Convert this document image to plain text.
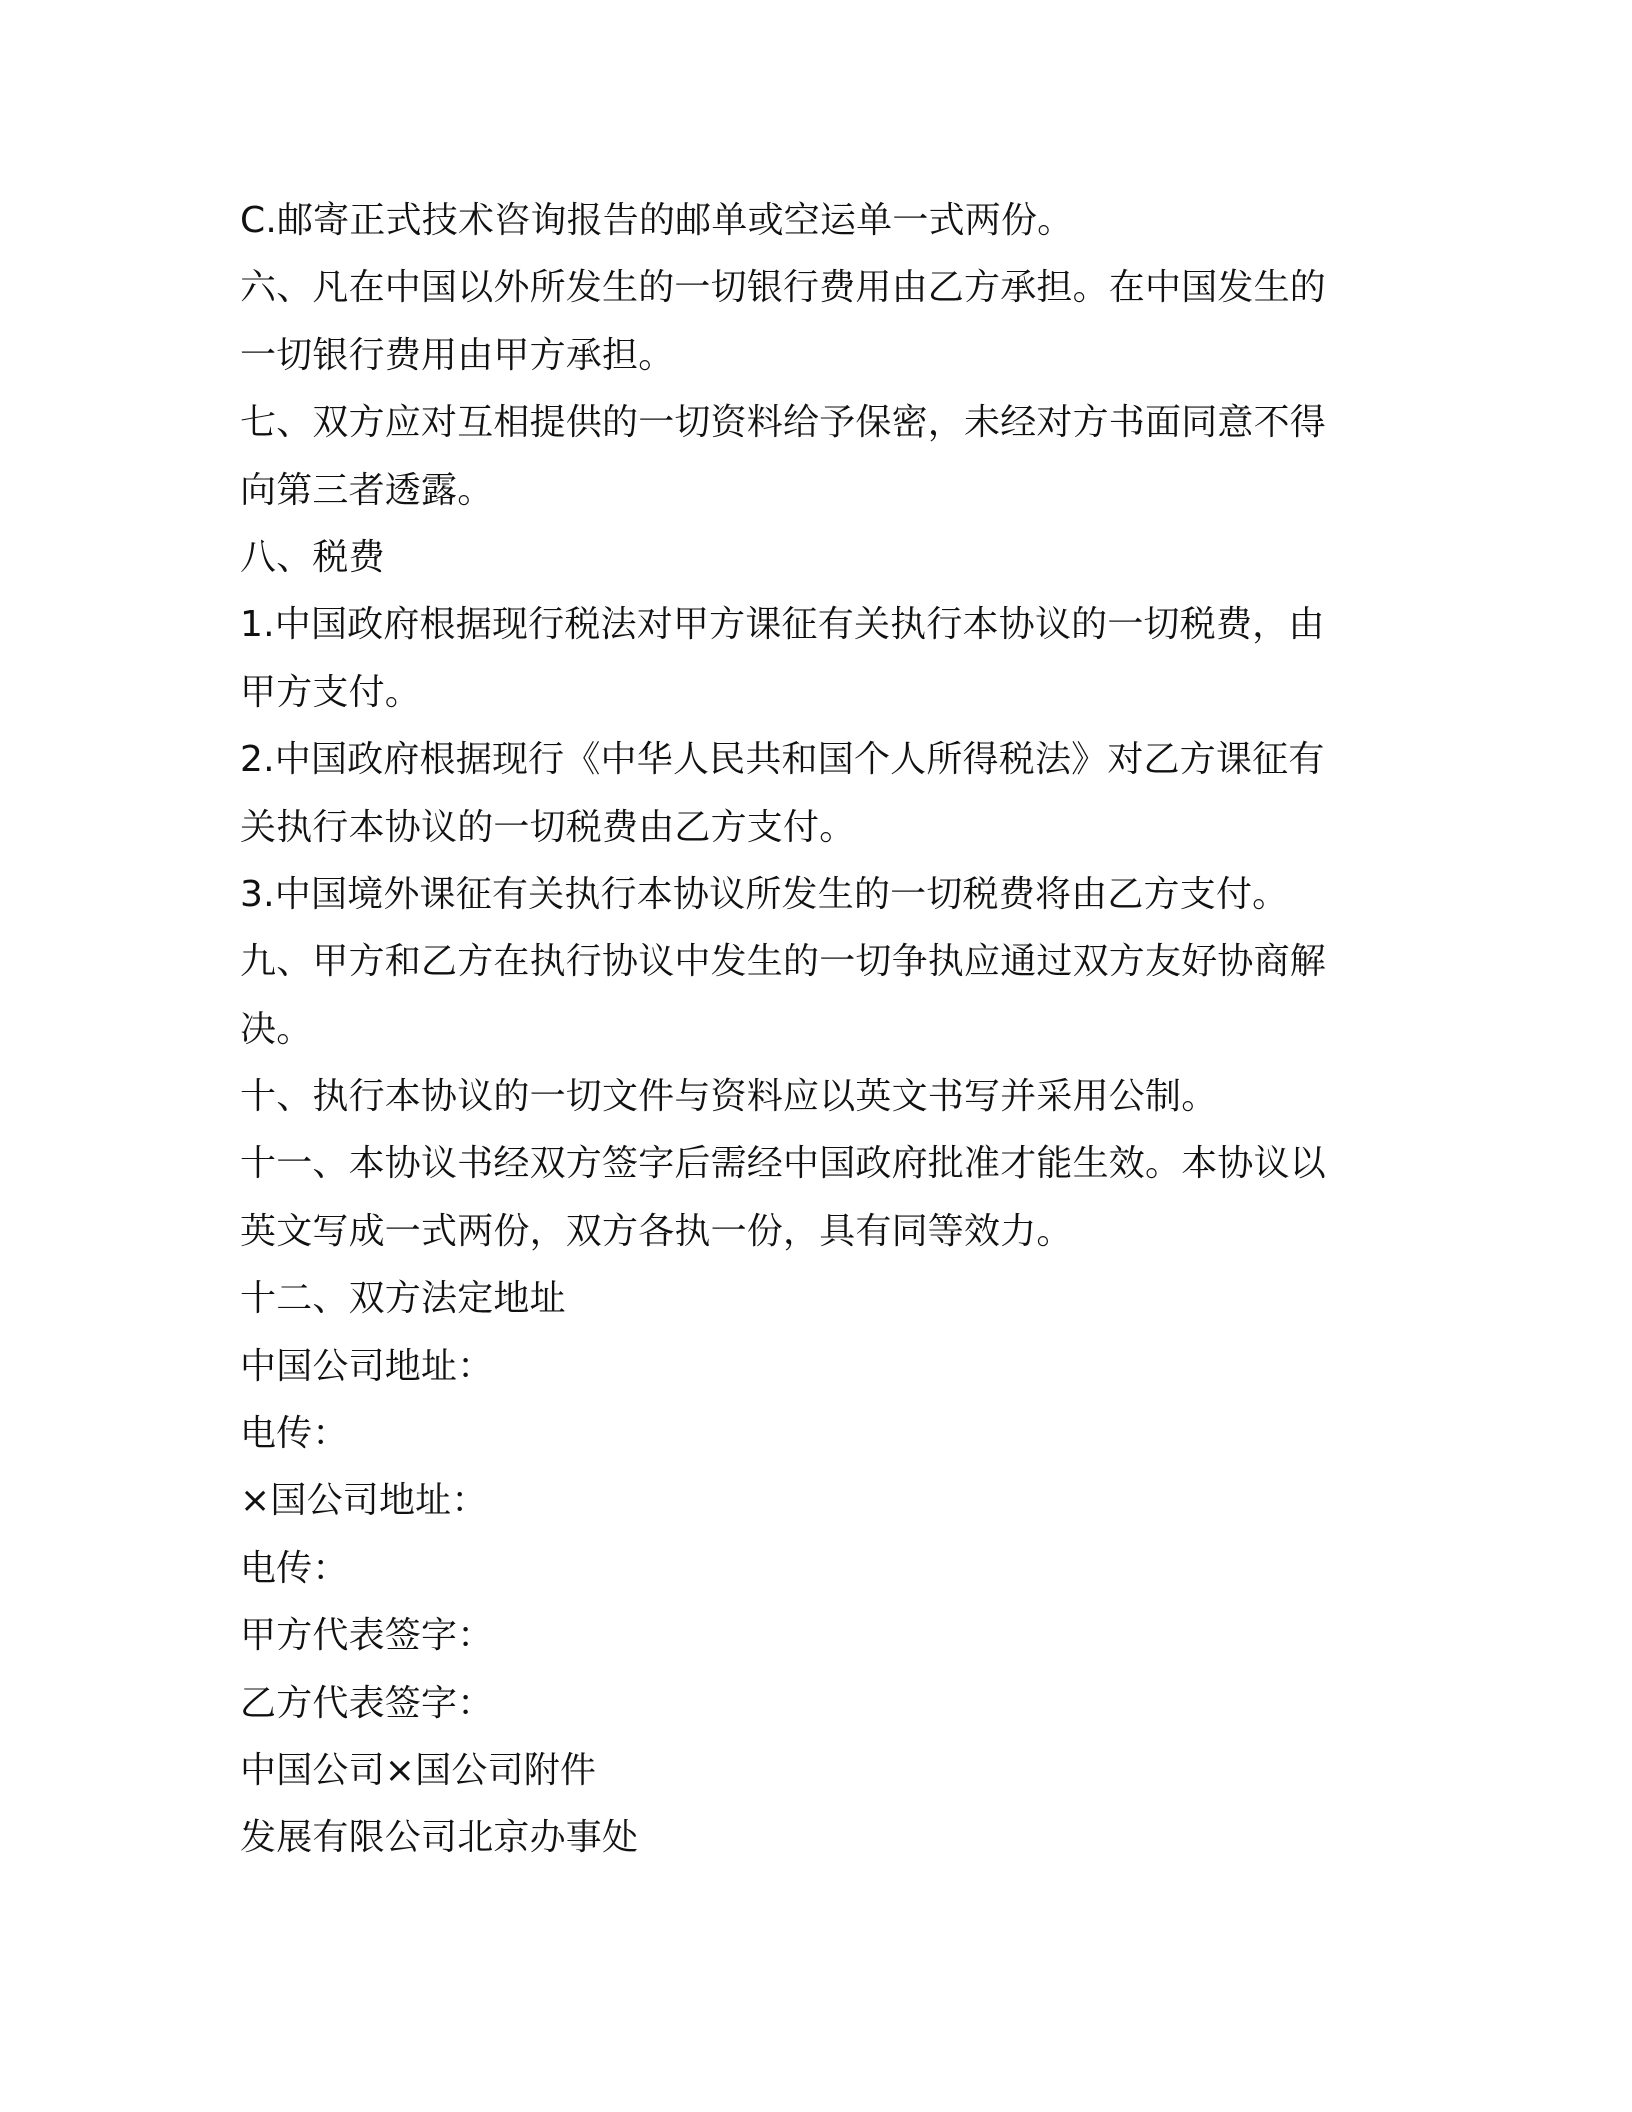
C.邮寄正式技术咨询报告的邮单或空运单一式两份。
六、凡在中国以外所发生的一切银行费用由乙方承担。在中国发生的
一切银行费用由甲方承担。
七、双方应对互相提供的一切资料给予保密，未经对方书面同意不得
向第三者透露。
八、税费
1.中国政府根据现行税法对甲方课征有关执行本协议的一切税费，由
甲方支付。
2.中国政府根据现行《中华人民共和国个人所得税法》对乙方课征有
关执行本协议的一切税费由乙方支付。
3.中国境外课征有关执行本协议所发生的一切税费将由乙方支付。
九、甲方和乙方在执行协议中发生的一切争执应通过双方友好协商解
决。
十、执行本协议的一切文件与资料应以英文书写并采用公制。
十一、本协议书经双方签字后需经中国政府批准才能生效。本协议以
英文写成一式两份，双方各执一份，具有同等效力。
十二、双方法定地址
中国公司地址：
电传：
×国公司地址：
电传：
甲方代表签字：
乙方代表签字：
中国公司×国公司附件
发展有限公司北京办事处
